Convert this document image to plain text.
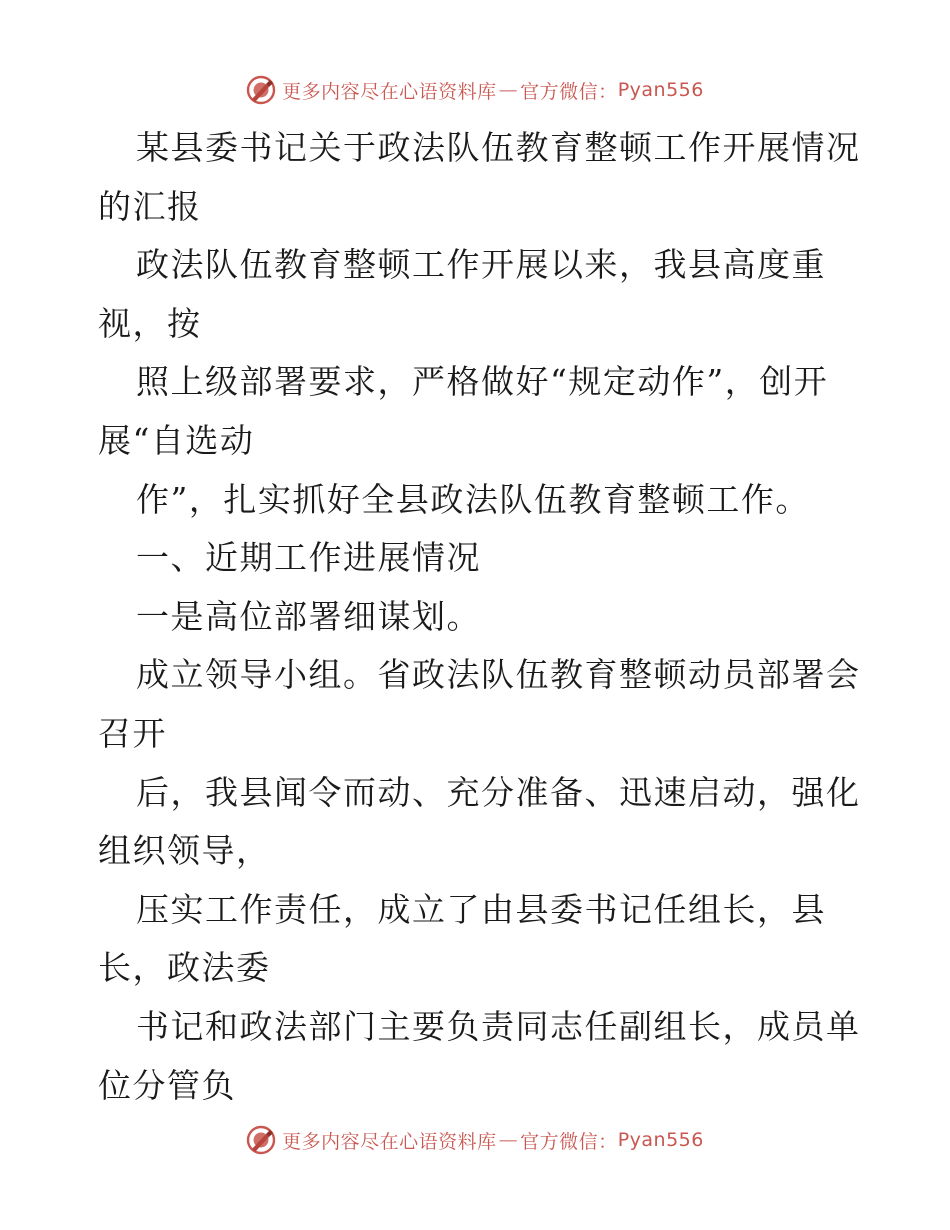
更多内容尽在心语资料库 — 官方微信： Pyan556
某县委书记关于政法队伍教育整顿工作开展情况
的汇报
政法队伍教育整顿工作开展以来，我县高度重
视，按
照上级部署要求，严格做好“规定动作”，创开
展“自选动
作”，扎实抓好全县政法队伍教育整顿工作。
一、近期工作进展情况
一是高位部署细谋划。
成立领导小组。省政法队伍教育整顿动员部署会
召开
后，我县闻令而动、充分准备、迅速启动，强化
组织领导，
压实工作责任，成立了由县委书记任组长，县
长，政法委
书记和政法部门主要负责同志任副组长，成员单
位分管负
更多内容尽在心语资料库 — 官方微信： Pyan556
